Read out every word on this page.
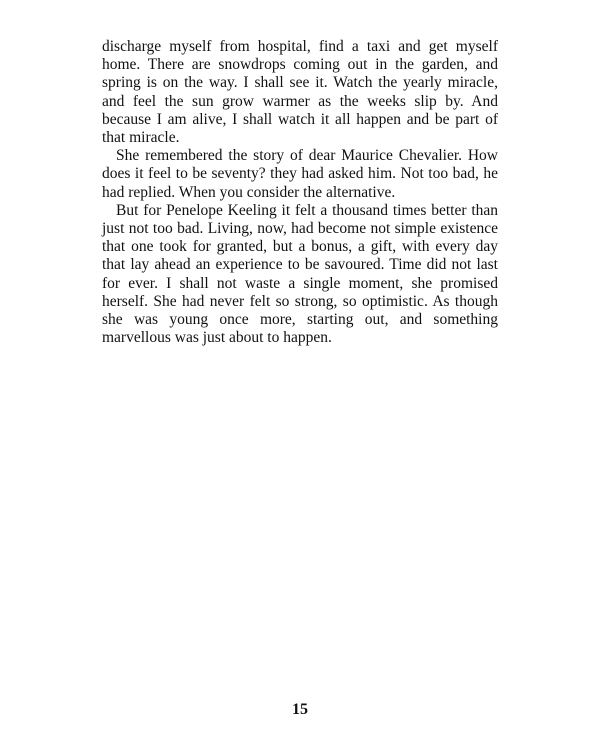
discharge myself from hospital, find a taxi and get myself home. There are snowdrops coming out in the garden, and spring is on the way. I shall see it. Watch the yearly miracle, and feel the sun grow warmer as the weeks slip by. And because I am alive, I shall watch it all happen and be part of that miracle.

She remembered the story of dear Maurice Chevalier. How does it feel to be seventy? they had asked him. Not too bad, he had replied. When you consider the alternative.

But for Penelope Keeling it felt a thousand times better than just not too bad. Living, now, had become not simple existence that one took for granted, but a bonus, a gift, with every day that lay ahead an experience to be savoured. Time did not last for ever. I shall not waste a single moment, she promised herself. She had never felt so strong, so optimistic. As though she was young once more, starting out, and something marvellous was just about to happen.

15
